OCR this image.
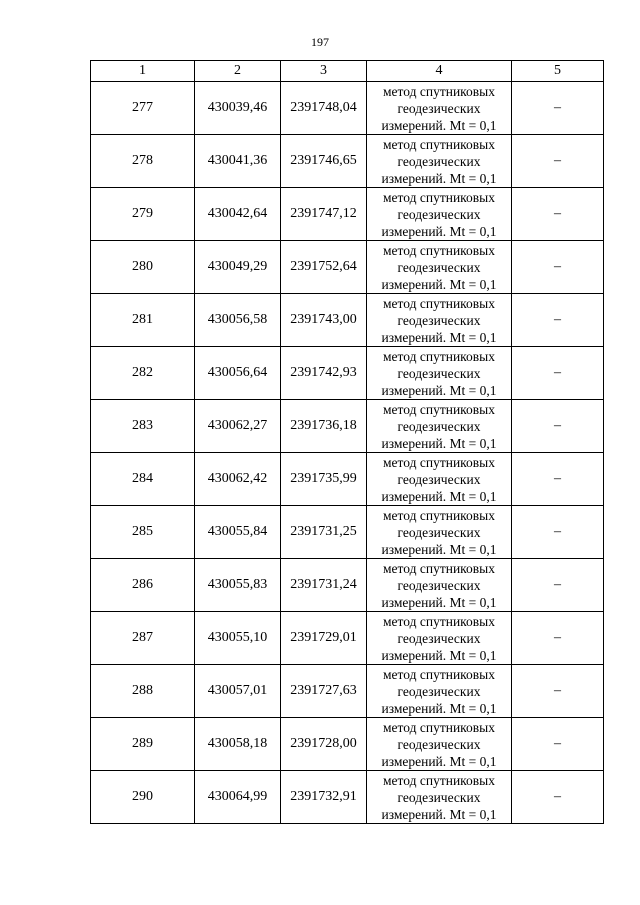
197
1	2	3	4	5
277	430039,46	2391748,04	метод спутниковых
геодезических
измерений. Mt = 0,1	–
278	430041,36	2391746,65	метод спутниковых
геодезических
измерений. Mt = 0,1	–
279	430042,64	2391747,12	метод спутниковых
геодезических
измерений. Mt = 0,1	–
280	430049,29	2391752,64	метод спутниковых
геодезических
измерений. Mt = 0,1	–
281	430056,58	2391743,00	метод спутниковых
геодезических
измерений. Mt = 0,1	–
282	430056,64	2391742,93	метод спутниковых
геодезических
измерений. Mt = 0,1	–
283	430062,27	2391736,18	метод спутниковых
геодезических
измерений. Mt = 0,1	–
284	430062,42	2391735,99	метод спутниковых
геодезических
измерений. Mt = 0,1	–
285	430055,84	2391731,25	метод спутниковых
геодезических
измерений. Mt = 0,1	–
286	430055,83	2391731,24	метод спутниковых
геодезических
измерений. Mt = 0,1	–
287	430055,10	2391729,01	метод спутниковых
геодезических
измерений. Mt = 0,1	–
288	430057,01	2391727,63	метод спутниковых
геодезических
измерений. Mt = 0,1	–
289	430058,18	2391728,00	метод спутниковых
геодезических
измерений. Mt = 0,1	–
290	430064,99	2391732,91	метод спутниковых
геодезических
измерений. Mt = 0,1	–
